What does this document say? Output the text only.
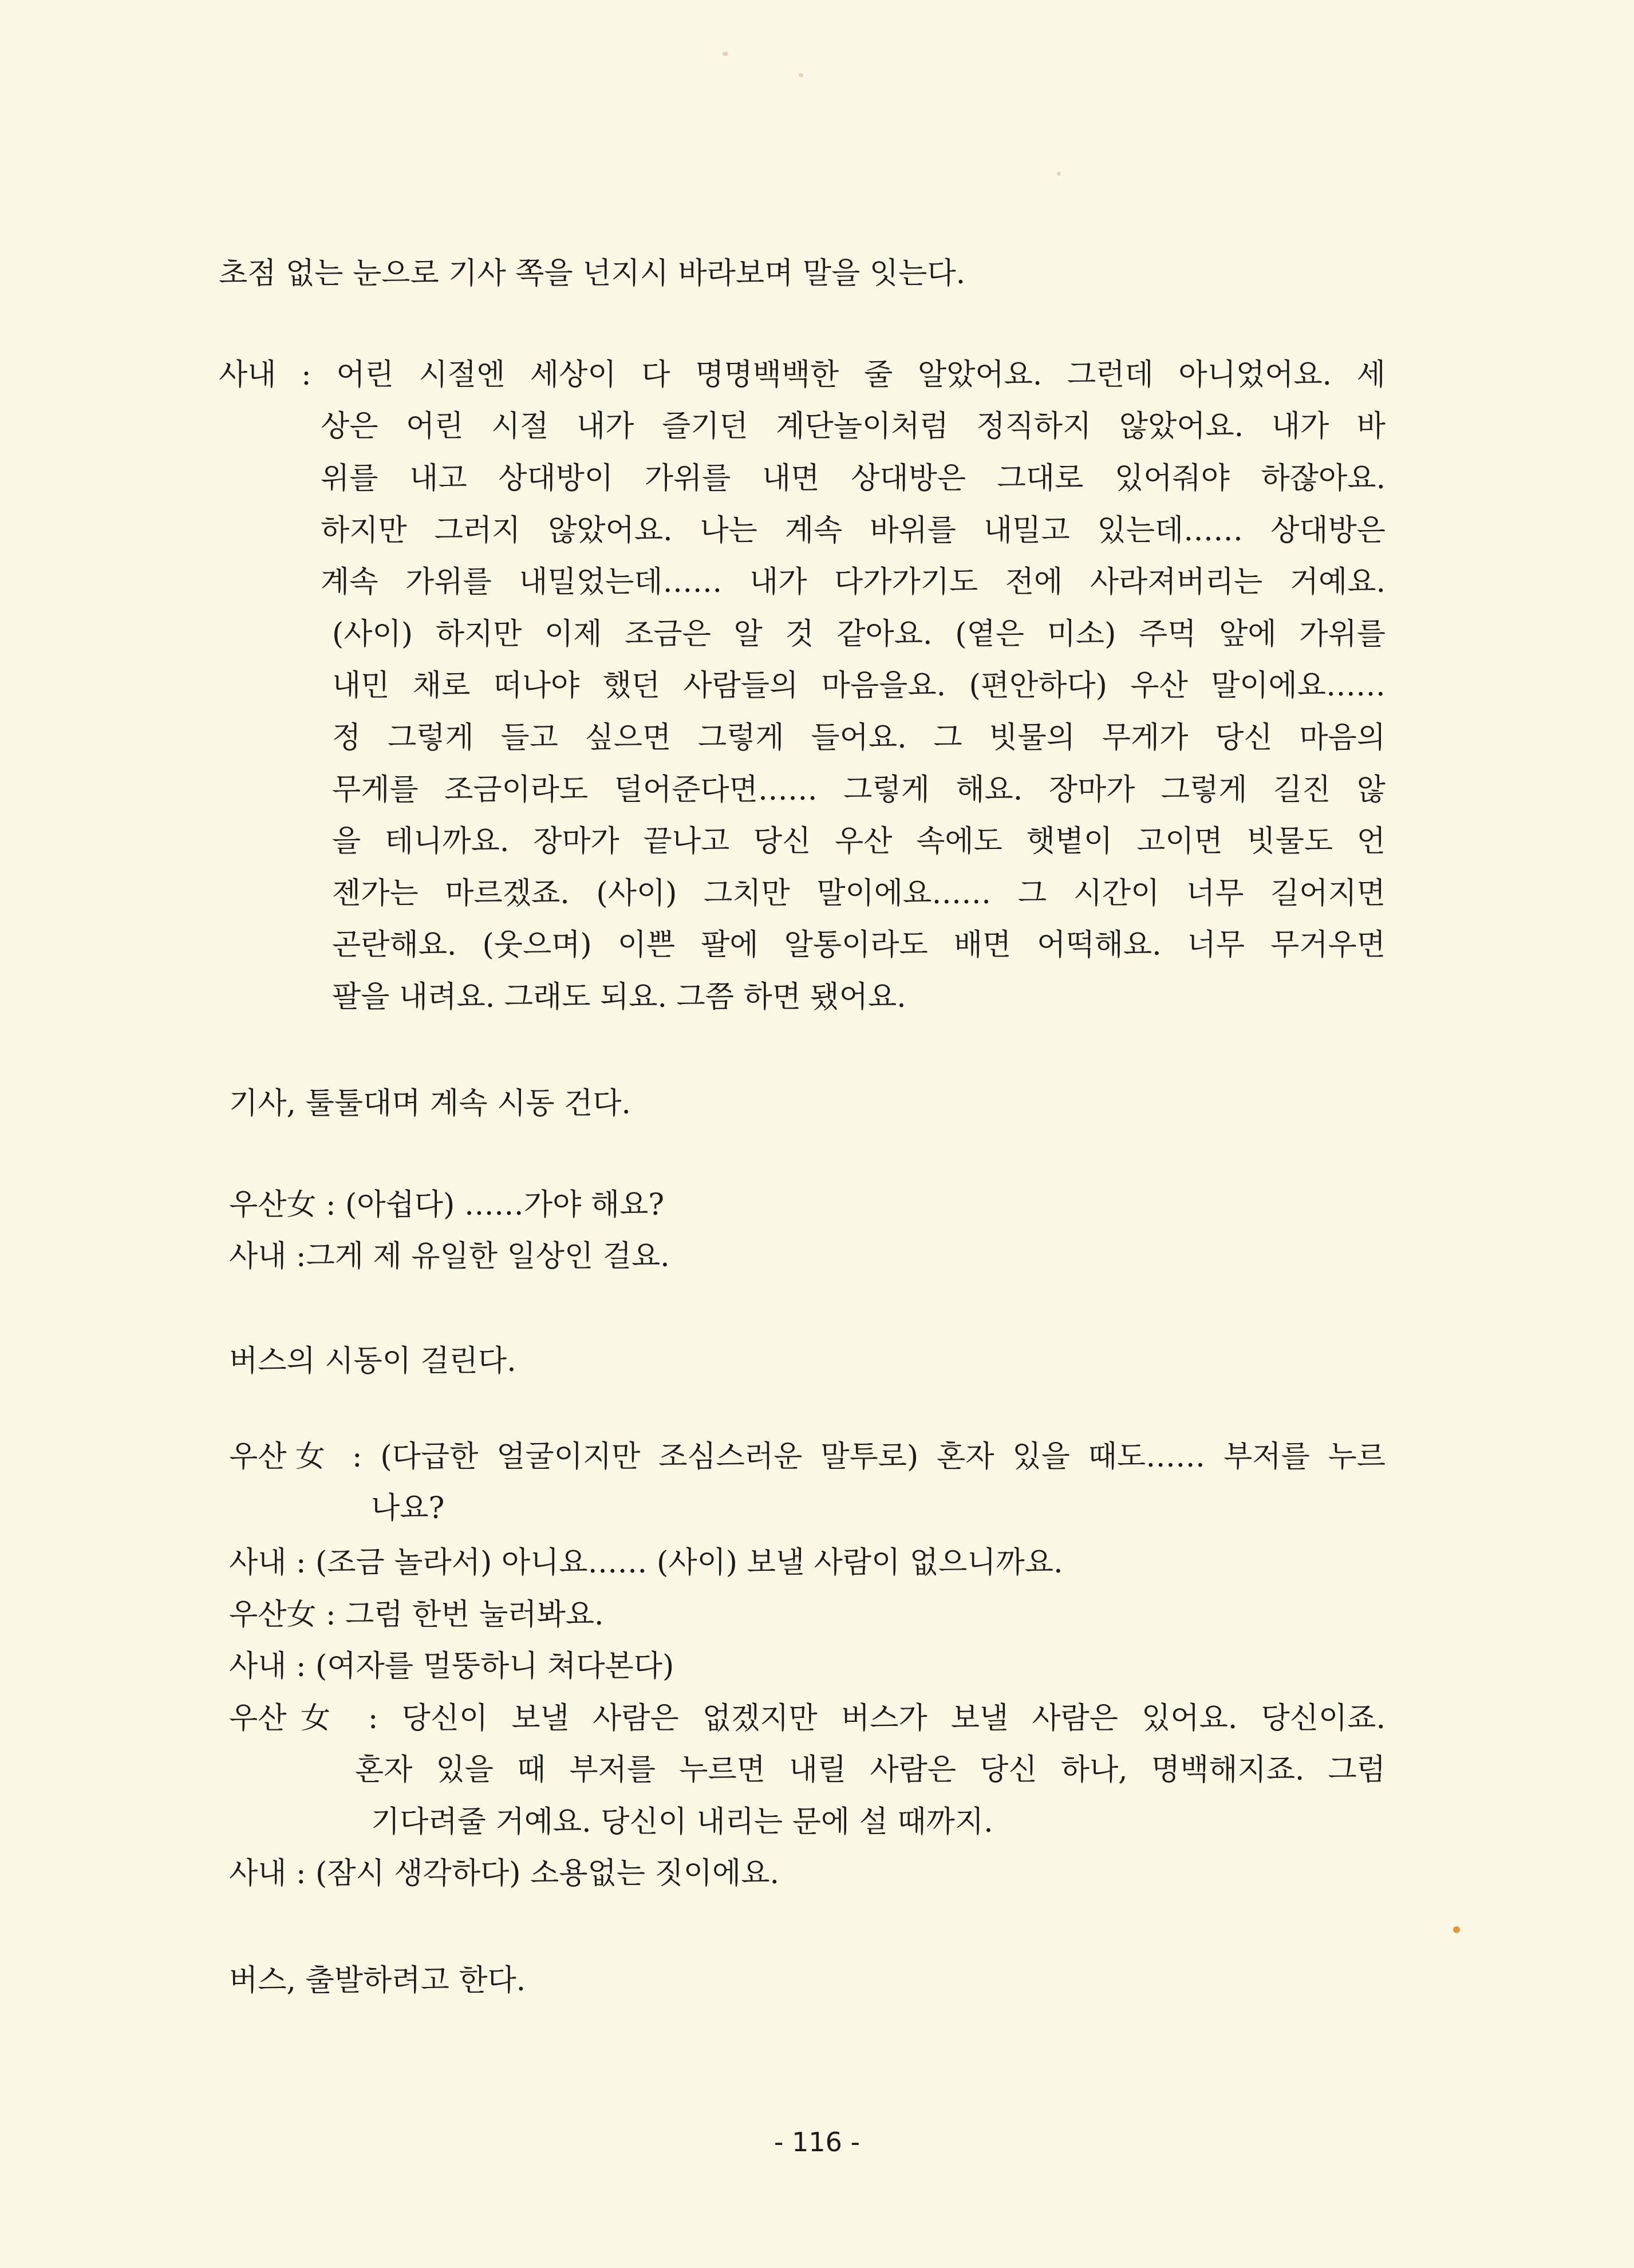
초점 없는 눈으로 기사 쪽을 넌지시 바라보며 말을 잇는다.
사내 : 어린 시절엔 세상이 다 명명백백한 줄 알았어요. 그런데 아니었어요. 세
상은 어린 시절 내가 즐기던 계단놀이처럼 정직하지 않았어요. 내가 바
위를 내고 상대방이 가위를 내면 상대방은 그대로 있어줘야 하잖아요.
하지만 그러지 않았어요. 나는 계속 바위를 내밀고 있는데…… 상대방은
계속 가위를 내밀었는데…… 내가 다가가기도 전에 사라져버리는 거예요.
(사이) 하지만 이제 조금은 알 것 같아요. (옅은 미소) 주먹 앞에 가위를
내민 채로 떠나야 했던 사람들의 마음을요. (편안하다) 우산 말이에요……
정 그렇게 들고 싶으면 그렇게 들어요. 그 빗물의 무게가 당신 마음의
무게를 조금이라도 덜어준다면…… 그렇게 해요. 장마가 그렇게 길진 않
을 테니까요. 장마가 끝나고 당신 우산 속에도 햇볕이 고이면 빗물도 언
젠가는 마르겠죠. (사이) 그치만 말이에요…… 그 시간이 너무 길어지면
곤란해요. (웃으며) 이쁜 팔에 알통이라도 배면 어떡해요. 너무 무거우면
팔을 내려요. 그래도 되요. 그쯤 하면 됐어요.
기사, 툴툴대며 계속 시동 건다.
우산女 : (아쉽다) ……가야 해요?
사내 :그게 제 유일한 일상인 걸요.
버스의 시동이 걸린다.
우산女 : (다급한 얼굴이지만 조심스러운 말투로) 혼자 있을 때도…… 부저를 누르
나요?
사내 : (조금 놀라서) 아니요…… (사이) 보낼 사람이 없으니까요.
우산女 : 그럼 한번 눌러봐요.
사내 : (여자를 멀뚱하니 쳐다본다)
우산女 : 당신이 보낼 사람은 없겠지만 버스가 보낼 사람은 있어요. 당신이죠.
혼자 있을 때 부저를 누르면 내릴 사람은 당신 하나, 명백해지죠. 그럼
기다려줄 거예요. 당신이 내리는 문에 설 때까지.
사내 : (잠시 생각하다) 소용없는 짓이에요.
버스, 출발하려고 한다.
- 116 -
